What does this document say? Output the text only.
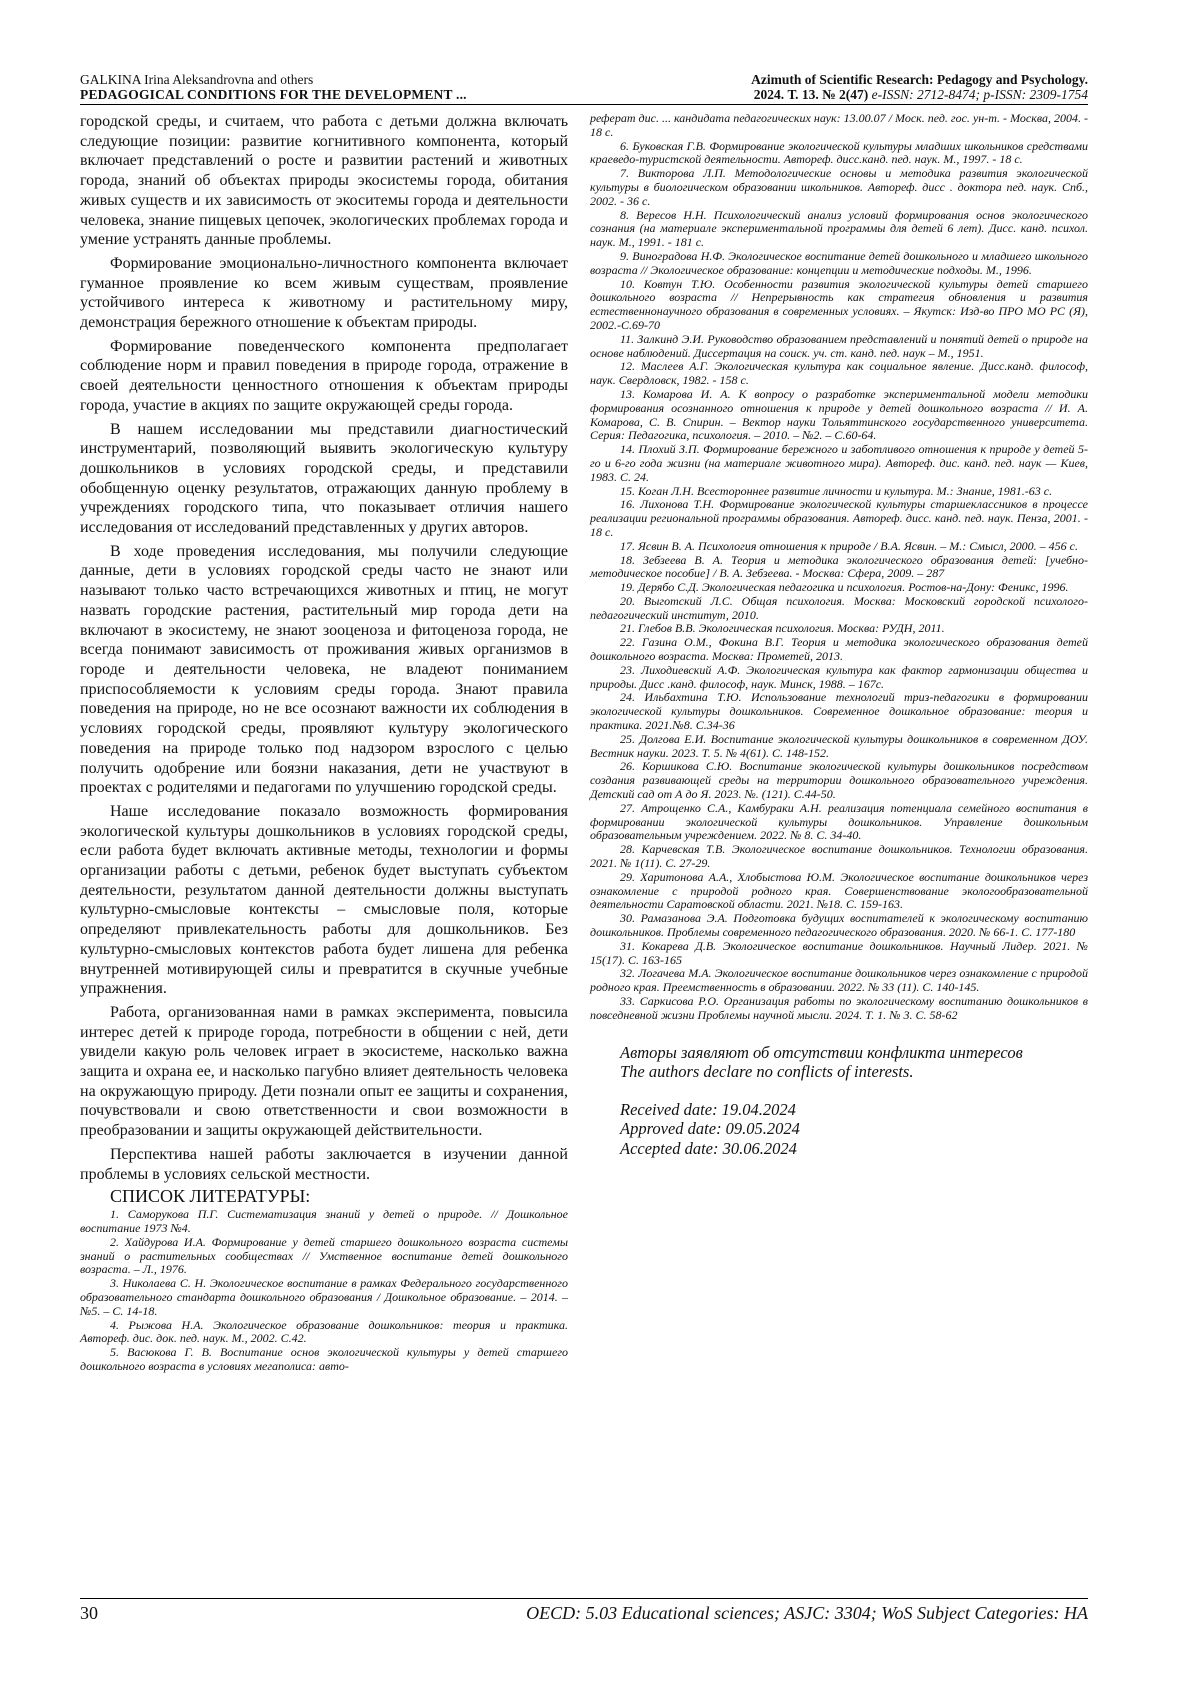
GALKINA Irina Aleksandrovna and others
PEDAGOGICAL CONDITIONS FOR THE DEVELOPMENT ...
Azimuth of Scientific Research: Pedagogy and Psychology.
2024. Т. 13. № 2(47) e-ISSN: 2712-8474; p-ISSN: 2309-1754

городской среды, и считаем, что работа с детьми должна включать следующие позиции: развитие когнитивного компонента, который включает представлений о росте и развитии растений и животных города, знаний об объектах природы экосистемы города, обитания живых существ и их зависимость от экоситемы города и деятельности человека, знание пищевых цепочек, экологических проблемах города и умение устранять данные проблемы.

Формирование эмоционально-личностного компонента включает гуманное проявление ко всем живым существам, проявление устойчивого интереса к животному и растительному миру, демонстрация бережного отношение к объектам природы.

Формирование поведенческого компонента предполагает соблюдение норм и правил поведения в природе города, отражение в своей деятельности ценностного отношения к объектам природы города, участие в акциях по защите окружающей среды города.

В нашем исследовании мы представили диагностический инструментарий, позволяющий выявить экологическую культуру дошкольников в условиях городской среды, и представили обобщенную оценку результатов, отражающих данную проблему в учреждениях городского типа, что показывает отличия нашего исследования от исследований представленных у других авторов.

В ходе проведения исследования, мы получили следующие данные, дети в условиях городской среды часто не знают или называют только часто встречающихся животных и птиц, не могут назвать городские растения, растительный мир города дети на включают в экосистему, не знают зооценоза и фитоценоза города, не всегда понимают зависимость от проживания живых организмов в городе и деятельности человека, не владеют пониманием приспособляемости к условиям среды города. Знают правила поведения на природе, но не все осознают важности их соблюдения в условиях городской среды, проявляют культуру экологического поведения на природе только под надзором взрослого с целью получить одобрение или боязни наказания, дети не участвуют в проектах с родителями и педагогами по улучшению городской среды.

Наше исследование показало возможность формирования экологической культуры дошкольников в условиях городской среды, если работа будет включать активные методы, технологии и формы организации работы с детьми, ребенок будет выступать субъектом деятельности, результатом данной деятельности должны выступать культурно-смысловые контексты – смысловые поля, которые определяют привлекательность работы для дошкольников. Без культурно-смысловых контекстов работа будет лишена для ребенка внутренней мотивирующей силы и превратится в скучные учебные упражнения.

Работа, организованная нами в рамках эксперимента, повысила интерес детей к природе города, потребности в общении с ней, дети увидели какую роль человек играет в экосистеме, насколько важна защита и охрана ее, и насколько пагубно влияет деятельность человека на окружающую природу. Дети познали опыт ее защиты и сохранения, почувствовали и свою ответственности и свои возможности в преобразовании и защиты окружающей действительности.

Перспектива нашей работы заключается в изучении данной проблемы в условиях сельской местности.

СПИСОК ЛИТЕРАТУРЫ:

1. Саморукова П.Г. Систематизация знаний у детей о природе. // Дошкольное воспитание 1973 №4.

2. Хайдурова И.А. Формирование у детей старшего дошкольного возраста системы знаний о растительных сообществах // Умственное воспитание детей дошкольного возраста. – Л., 1976.

3. Николаева С. Н. Экологическое воспитание в рамках Федерального государственного образовательного стандарта дошкольного образования / Дошкольное образование. – 2014. – №5. – С. 14-18.

4. Рыжова Н.А. Экологическое образование дошкольников: теория и практика. Автореф. дис. док. пед. наук. М., 2002. С.42.

5. Васюкова Г. В. Воспитание основ экологической культуры у детей старшего дошкольного возраста в условиях мегаполиса: авто-

реферат дис. ... кандидата педагогических наук: 13.00.07 / Моск. пед. гос. ун-т. - Москва, 2004. - 18 с.

6. Буковская Г.В. Формирование экологической культуры младших школьников средствами краеведо-туристской деятельности. Автореф. дисс.канд. пед. наук. М., 1997. - 18 с.

7. Викторова Л.П. Методологические основы и методика развития экологической культуры в биологическом образовании школьников. Автореф. дисс . доктора пед. наук. Спб., 2002. - 36 с.

8. Вересов Н.Н. Психологический анализ условий формирования основ экологического сознания (на материале экспериментальной программы для детей 6 лет). Дисс. канд. психол. наук. М., 1991. - 181 с.

9. Виноградова Н.Ф. Экологическое воспитание детей дошкольного и младшего школьного возраста // Экологическое образование: концепции и методические подходы. М., 1996.

10. Ковтун Т.Ю. Особенности развития экологической культуры детей старшего дошкольного возраста // Непрерывность как стратегия обновления и развития естественнонаучного образования в современных условиях. – Якутск: Изд-во ПРО МО РС (Я), 2002.-С.69-70

11. Залкинд Э.И. Руководство образованием представлений и понятий детей о природе на основе наблюдений. Диссертация на соиск. уч. ст. канд. пед. наук – М., 1951.

12. Маслеев А.Г. Экологическая культура как социальное явление. Дисс.канд. философ, наук. Свердловск, 1982. - 158 с.

13. Комарова И. А. К вопросу о разработке экспериментальной модели методики формирования осознанного отношения к природе у детей дошкольного возраста // И. А. Комарова, С. В. Спирин. – Вектор науки Тольяттинского государственного университета. Серия: Педагогика, психология. – 2010. – №2. – С.60-64.

14. Плохий З.П. Формирование бережного и заботливого отношения к природе у детей 5-го и 6-го года жизни (на материале животного мира). Автореф. дис. канд. пед. наук — Киев, 1983. С. 24.

15. Коган Л.Н. Всестороннее развитие личности и культура. М.: Знание, 1981.-63 с.

16. Лихонова Т.Н. Формирование экологической культуры старшеклассников в процессе реализации региональной программы образования. Автореф. дисс. канд. пед. наук. Пенза, 2001. - 18 с.

17. Ясвин В. А. Психология отношения к природе / В.А. Ясвин. – М.: Смысл, 2000. – 456 с.

18. Зебзеева В. А. Теория и методика экологического образования детей: [учебно-методическое пособие] / В. А. Зебзеева. - Москва: Сфера, 2009. – 287

19. Дерябо С.Д. Экологическая педагогика и психология. Ростов-на-Дону: Феникс, 1996.

20. Выготский Л.С. Общая психология. Москва: Московский городской психолого-педагогический институт, 2010.

21. Глебов В.В. Экологическая психология. Москва: РУДН, 2011.

22. Газина О.М., Фокина В.Г. Теория и методика экологического образования детей дошкольного возраста. Москва: Прометей, 2013.

23. Лиходиевский А.Ф. Экологическая культура как фактор гармонизации общества и природы. Дисс .канд. философ, наук. Минск, 1988. – 167с.

24. Ильбахтина Т.Ю. Использование технологий триз-педагогики в формировании экологической культуры дошкольников. Современное дошкольное образование: теория и практика. 2021.№8. С.34-36

25. Долгова Е.И. Воспитание экологической культуры дошкольников в современном ДОУ. Вестник науки. 2023. Т. 5. № 4(61). С. 148-152.

26. Коршикова С.Ю. Воспитание экологической культуры дошкольников посредством создания развивающей среды на территории дошкольного образовательного учреждения. Детский сад от А до Я. 2023. №. (121). С.44-50.

27. Атрощенко С.А., Камбураки А.Н. реализация потенциала семейного воспитания в формировании экологической культуры дошкольников. Управление дошкольным образовательным учреждением. 2022. № 8. С. 34-40.

28. Карчевская Т.В. Экологическое воспитание дошкольников. Технологии образования. 2021. № 1(11). С. 27-29.

29. Харитонова А.А., Хлобыстова Ю.М. Экологическое воспитание дошкольников через ознакомление с природой родного края. Совершенствование экологообразовательной деятельности Саратовской области. 2021. №18. С. 159-163.

30. Рамазанова Э.А. Подготовка будущих воспитателей к экологическому воспитанию дошкольников. Проблемы современного педагогического образования. 2020. № 66-1. С. 177-180

31. Кокарева Д.В. Экологическое воспитание дошкольников. Научный Лидер. 2021. № 15(17). С. 163-165

32. Логачева М.А. Экологическое воспитание дошкольников через ознакомление с природой родного края. Преемственность в образовании. 2022. № 33 (11). С. 140-145.

33. Саркисова Р.О. Организация работы по экологическому воспитанию дошкольников в повседневной жизни Проблемы научной мысли. 2024. Т. 1. № 3. С. 58-62

Авторы заявляют об отсутствии конфликта интересов
The authors declare no conflicts of interests.
Received date: 19.04.2024
Approved date: 09.05.2024
Accepted date: 30.06.2024
30	OECD: 5.03 Educational sciences; ASJC: 3304; WoS Subject Categories: HA
